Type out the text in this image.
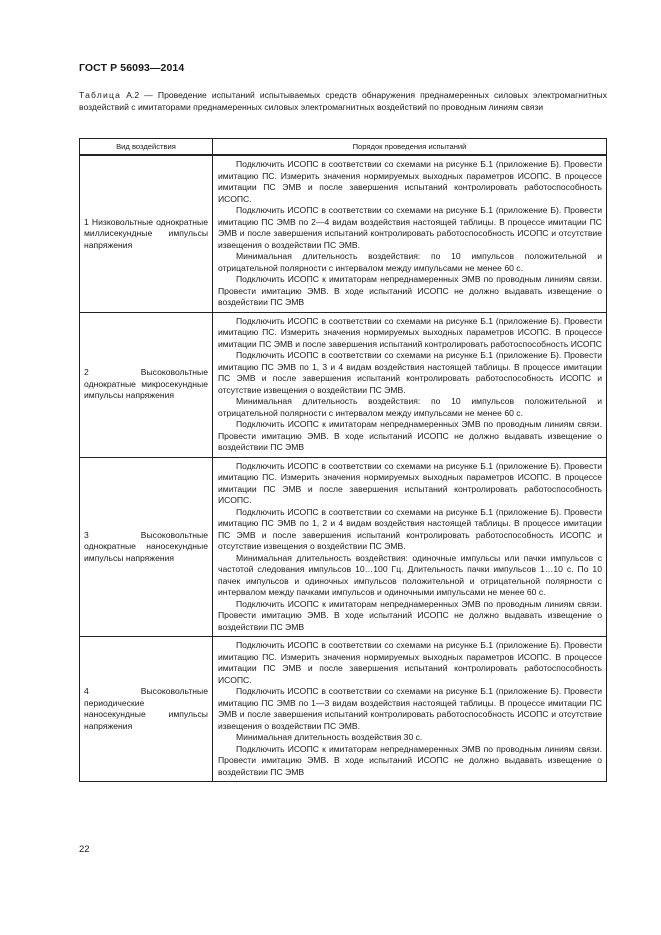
ГОСТ Р 56093—2014
Таблица А.2 — Проведение испытаний испытываемых средств обнаружения преднамеренных силовых электромагнитных воздействий с имитаторами преднамеренных силовых электромагнитных воздействий по проводным линиям связи
Вид воздействия	Порядок проведения испытаний
1 Низковольтные однократные миллисекундные импульсы напряжения	Подключить ИСОПС в соответствии со схемами на рисунке Б.1 (приложение Б). Провести имитацию ПС. Измерить значения нормируемых выходных параметров ИСОПС. В процессе имитации ПС ЭМВ и после завершения испытаний контролировать работоспособность ИСОПС.

Подключить ИСОПС в соответствии со схемами на рисунке Б.1 (приложение Б). Провести имитацию ПС ЭМВ по 2—4 видам воздействия настоящей таблицы. В процессе имитации ПС ЭМВ и после завершения испытаний контролировать работоспособность ИСОПС и отсутствие извещения о воздействии ПС ЭМВ.

Минимальная длительность воздействия: по 10 импульсов положительной и отрицательной полярности с интервалом между импульсами не менее 60 с.

Подключить ИСОПС к имитаторам непреднамеренных ЭМВ по проводным линиям связи. Провести имитацию ЭМВ. В ходе испытаний ИСОПС не должно выдавать извещение о воздействии ПС ЭМВ

2 Высоковольтные однократные микросекундные импульсы напряжения	Подключить ИСОПС в соответствии со схемами на рисунке Б.1 (приложение Б). Провести имитацию ПС. Измерить значения нормируемых выходных параметров ИСОПС. В процессе имитации ПС ЭМВ и после завершения испытаний контролировать работоспособность ИСОПС

Подключить ИСОПС в соответствии со схемами на рисунке Б.1 (приложение Б). Провести имитацию ПС ЭМВ по 1, 3 и 4 видам воздействия настоящей таблицы. В процессе имитации ПС ЭМВ и после завершения испытаний контролировать работоспособность ИСОПС и отсутствие извещения о воздействии ПС ЭМВ.

Минимальная длительность воздействия: по 10 импульсов положительной и отрицательной полярности с интервалом между импульсами не менее 60 с.

Подключить ИСОПС к имитаторам непреднамеренных ЭМВ по проводным линиям связи. Провести имитацию ЭМВ. В ходе испытаний ИСОПС не должно выдавать извещение о воздействии ПС ЭМВ

3 Высоковольтные однократные наносекундные импульсы напряжения	Подключить ИСОПС в соответствии со схемами на рисунке Б.1 (приложение Б). Провести имитацию ПС. Измерить значения нормируемых выходных параметров ИСОПС. В процессе имитации ПС ЭМВ и после завершения испытаний контролировать работоспособность ИСОПС.

Подключить ИСОПС в соответствии со схемами на рисунке Б.1 (приложение Б). Провести имитацию ПС ЭМВ по 1, 2 и 4 видам воздействия настоящей таблицы. В процессе имитации ПС ЭМВ и после завершения испытаний контролировать работоспособность ИСОПС и отсутствие извещения о воздействии ПС ЭМВ.

Минимальная длительность воздействия: одиночные импульсы или пачки импульсов с частотой следования импульсов 10…100 Гц. Длительность пачки импульсов 1…10 с. По 10 пачек импульсов и одиночных импульсов положительной и отрицательной полярности с интервалом между пачками импульсов и одиночными импульсами не менее 60 с.

Подключить ИСОПС к имитаторам непреднамеренных ЭМВ по проводным линиям связи. Провести имитацию ЭМВ. В ходе испытаний ИСОПС не должно выдавать извещение о воздействии ПС ЭМВ

4 Высоковольтные периодические наносекундные импульсы напряжения	Подключить ИСОПС в соответствии со схемами на рисунке Б.1 (приложение Б). Провести имитацию ПС. Измерить значения нормируемых выходных параметров ИСОПС. В процессе имитации ПС ЭМВ и после завершения испытаний контролировать работоспособность ИСОПС.

Подключить ИСОПС в соответствии со схемами на рисунке Б.1 (приложение Б). Провести имитацию ПС ЭМВ по 1—3 видам воздействия настоящей таблицы. В процессе имитации ПС ЭМВ и после завершения испытаний контролировать работоспособность ИСОПС и отсутствие извещения о воздействии ПС ЭМВ.

Минимальная длительность воздействия 30 с.

Подключить ИСОПС к имитаторам непреднамеренных ЭМВ по проводным линиям связи. Провести имитацию ЭМВ. В ходе испытаний ИСОПС не должно выдавать извещение о воздействии ПС ЭМВ

22
